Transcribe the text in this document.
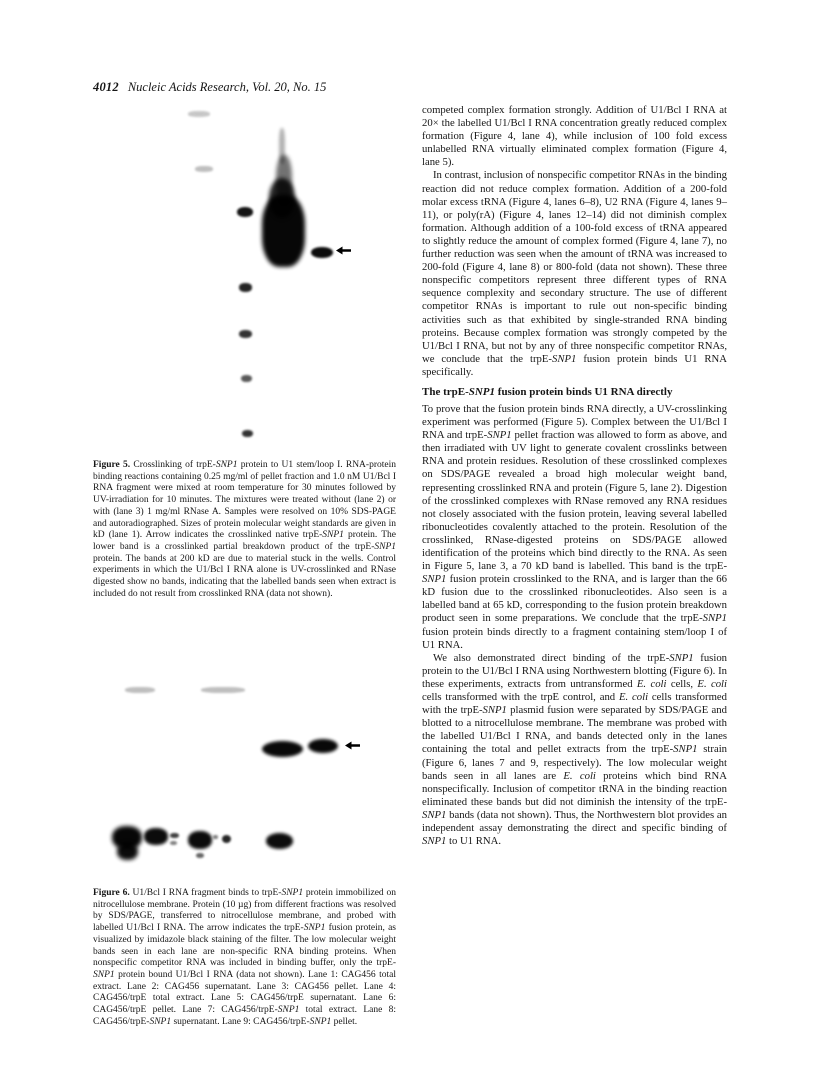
4012 Nucleic Acids Research, Vol. 20, No. 15

Figure 5. Crosslinking of trpE-SNP1 protein to U1 stem/loop I. RNA-protein binding reactions containing 0.25 mg/ml of pellet fraction and 1.0 nM U1/Bcl I RNA fragment were mixed at room temperature for 30 minutes followed by UV-irradiation for 10 minutes. The mixtures were treated without (lane 2) or with (lane 3) 1 mg/ml RNase A. Samples were resolved on 10% SDS-PAGE and autoradiographed. Sizes of protein molecular weight standards are given in kD (lane 1). Arrow indicates the crosslinked native trpE-SNP1 protein. The lower band is a crosslinked partial breakdown product of the trpE-SNP1 protein. The bands at 200 kD are due to material stuck in the wells. Control experiments in which the U1/Bcl I RNA alone is UV-crosslinked and RNase digested show no bands, indicating that the labelled bands seen when extract is included do not result from crosslinked RNA (data not shown).

Figure 6. U1/Bcl I RNA fragment binds to trpE-SNP1 protein immobilized on nitrocellulose membrane. Protein (10 µg) from different fractions was resolved by SDS/PAGE, transferred to nitrocellulose membrane, and probed with labelled U1/Bcl I RNA. The arrow indicates the trpE-SNP1 fusion protein, as visualized by imidazole black staining of the filter. The low molecular weight bands seen in each lane are non-specific RNA binding proteins. When nonspecific competitor RNA was included in binding buffer, only the trpE-SNP1 protein bound U1/Bcl I RNA (data not shown). Lane 1: CAG456 total extract. Lane 2: CAG456 supernatant. Lane 3: CAG456 pellet. Lane 4: CAG456/trpE total extract. Lane 5: CAG456/trpE supernatant. Lane 6: CAG456/trpE pellet. Lane 7: CAG456/trpE-SNP1 total extract. Lane 8: CAG456/trpE-SNP1 supernatant. Lane 9: CAG456/trpE-SNP1 pellet.

competed complex formation strongly. Addition of U1/Bcl I RNA at 20× the labelled U1/Bcl I RNA concentration greatly reduced complex formation (Figure 4, lane 4), while inclusion of 100 fold excess unlabelled RNA virtually eliminated complex formation (Figure 4, lane 5).

In contrast, inclusion of nonspecific competitor RNAs in the binding reaction did not reduce complex formation. Addition of a 200-fold molar excess tRNA (Figure 4, lanes 6–8), U2 RNA (Figure 4, lanes 9–11), or poly(rA) (Figure 4, lanes 12–14) did not diminish complex formation. Although addition of a 100-fold excess of tRNA appeared to slightly reduce the amount of complex formed (Figure 4, lane 7), no further reduction was seen when the amount of tRNA was increased to 200-fold (Figure 4, lane 8) or 800-fold (data not shown). These three nonspecific competitors represent three different types of RNA sequence complexity and secondary structure. The use of different competitor RNAs is important to rule out non-specific binding activities such as that exhibited by single-stranded RNA binding proteins. Because complex formation was strongly competed by the U1/Bcl I RNA, but not by any of three nonspecific competitor RNAs, we conclude that the trpE-SNP1 fusion protein binds U1 RNA specifically.

The trpE-SNP1 fusion protein binds U1 RNA directly

To prove that the fusion protein binds RNA directly, a UV-crosslinking experiment was performed (Figure 5). Complex between the U1/Bcl I RNA and trpE-SNP1 pellet fraction was allowed to form as above, and then irradiated with UV light to generate covalent crosslinks between RNA and protein residues. Resolution of these crosslinked complexes on SDS/PAGE revealed a broad high molecular weight band, representing crosslinked RNA and protein (Figure 5, lane 2). Digestion of the crosslinked complexes with RNase removed any RNA residues not closely associated with the fusion protein, leaving several labelled ribonucleotides covalently attached to the protein. Resolution of the crosslinked, RNase-digested proteins on SDS/PAGE allowed identification of the proteins which bind directly to the RNA. As seen in Figure 5, lane 3, a 70 kD band is labelled. This band is the trpE-SNP1 fusion protein crosslinked to the RNA, and is larger than the 66 kD fusion due to the crosslinked ribonucleotides. Also seen is a labelled band at 65 kD, corresponding to the fusion protein breakdown product seen in some preparations. We conclude that the trpE-SNP1 fusion protein binds directly to a fragment containing stem/loop I of U1 RNA.

We also demonstrated direct binding of the trpE-SNP1 fusion protein to the U1/Bcl I RNA using Northwestern blotting (Figure 6). In these experiments, extracts from untransformed E. coli cells, E. coli cells transformed with the trpE control, and E. coli cells transformed with the trpE-SNP1 plasmid fusion were separated by SDS/PAGE and blotted to a nitrocellulose membrane. The membrane was probed with the labelled U1/Bcl I RNA, and bands detected only in the lanes containing the total and pellet extracts from the trpE-SNP1 strain (Figure 6, lanes 7 and 9, respectively). The low molecular weight bands seen in all lanes are E. coli proteins which bind RNA nonspecifically. Inclusion of competitor tRNA in the binding reaction eliminated these bands but did not diminish the intensity of the trpE-SNP1 bands (data not shown). Thus, the Northwestern blot provides an independent assay demonstrating the direct and specific binding of SNP1 to U1 RNA.
